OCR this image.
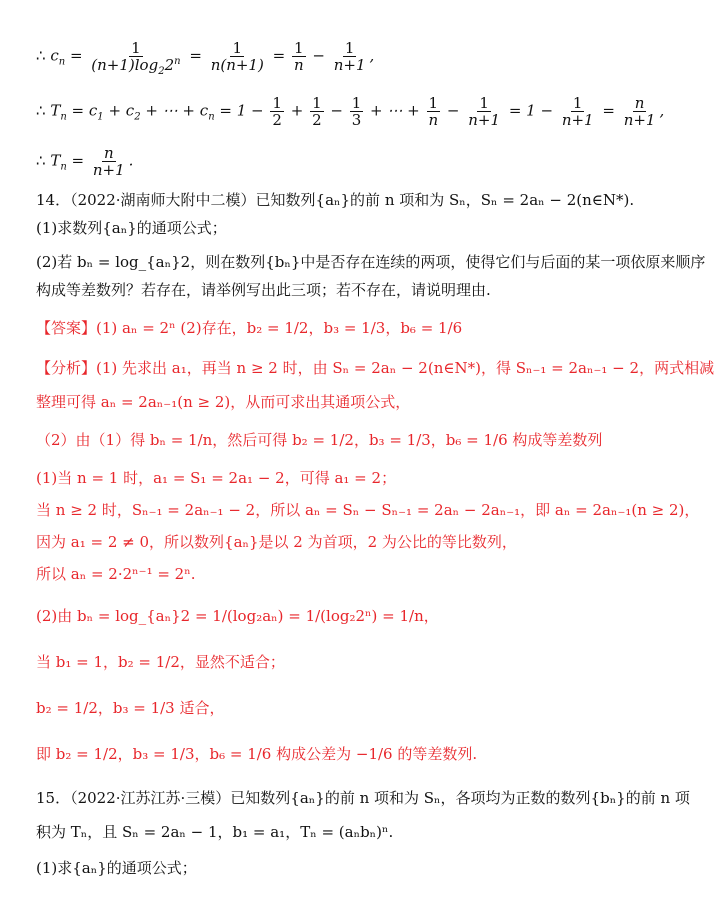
∴ $c_n = \frac{1}{(n+1)\log_22^n} = \frac{1}{n(n+1)} = \frac{1}{n} - \frac{1}{n+1}$ ,
∴ $T_n = c_1 + c_2$ + ⋯ + $c_n = 1 - \frac{1}{2} + \frac{1}{2} - \frac{1}{3}$ + ⋯ + $\frac{1}{n} - \frac{1}{n+1} = 1 - \frac{1}{n+1} = \frac{n}{n+1}$ ,
∴ $T_n = \frac{n}{n+1}$ .
14．（2022·湖南师大附中二模）已知数列{aₙ}的前 n 项和为 Sₙ，Sₙ = 2aₙ − 2(n∈N*).
(1)求数列{aₙ}的通项公式；
(2)若 bₙ = log_{aₙ}2，则在数列{bₙ}中是否存在连续的两项，使得它们与后面的某一项依原来顺序
构成等差数列？若存在，请举例写出此三项；若不存在，请说明理由.
【答案】(1) aₙ = 2ⁿ (2)存在，b₂ = 1/2，b₃ = 1/3，b₆ = 1/6
【分析】(1) 先求出 a₁，再当 n ≥ 2 时，由 Sₙ = 2aₙ − 2(n∈N*)，得 Sₙ₋₁ = 2aₙ₋₁ − 2，两式相减
整理可得 aₙ = 2aₙ₋₁(n ≥ 2)，从而可求出其通项公式，
（2）由（1）得 bₙ = 1/n，然后可得 b₂ = 1/2，b₃ = 1/3，b₆ = 1/6 构成等差数列
(1)当 n = 1 时，a₁ = S₁ = 2a₁ − 2，可得 a₁ = 2；
当 n ≥ 2 时，Sₙ₋₁ = 2aₙ₋₁ − 2，所以 aₙ = Sₙ − Sₙ₋₁ = 2aₙ − 2aₙ₋₁，即 aₙ = 2aₙ₋₁(n ≥ 2)，
因为 a₁ = 2 ≠ 0，所以数列{aₙ}是以 2 为首项，2 为公比的等比数列，
所以 aₙ = 2·2ⁿ⁻¹ = 2ⁿ.
(2)由 bₙ = log_{aₙ}2 = 1/(log₂aₙ) = 1/(log₂2ⁿ) = 1/n，
当 b₁ = 1，b₂ = 1/2，显然不适合；
b₂ = 1/2，b₃ = 1/3 适合，
即 b₂ = 1/2，b₃ = 1/3，b₆ = 1/6 构成公差为 −1/6 的等差数列.
15．（2022·江苏江苏·三模）已知数列{aₙ}的前 n 项和为 Sₙ，各项均为正数的数列{bₙ}的前 n 项
积为 Tₙ，且 Sₙ = 2aₙ − 1，b₁ = a₁，Tₙ = (aₙbₙ)ⁿ.
(1)求{aₙ}的通项公式；
